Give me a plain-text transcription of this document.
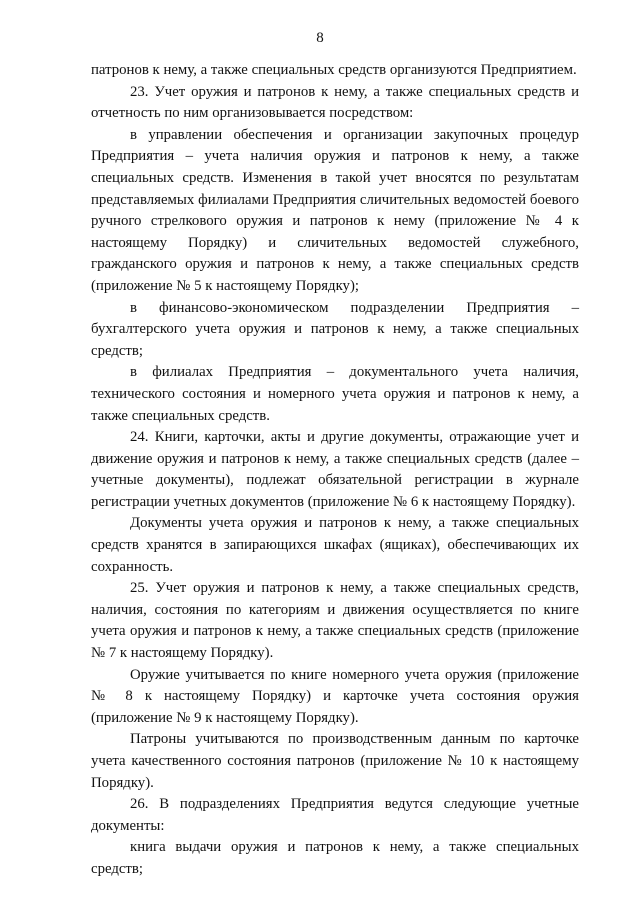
8

патронов к нему, а также специальных средств организуются Предприятием.

23. Учет оружия и патронов к нему, а также специальных средств и отчетность по ним организовывается посредством:

в управлении обеспечения и организации закупочных процедур Предприятия – учета наличия оружия и патронов к нему, а также специальных средств. Изменения в такой учет вносятся по результатам представляемых филиалами Предприятия сличительных ведомостей боевого ручного стрелкового оружия и патронов к нему (приложение № 4 к настоящему Порядку) и сличительных ведомостей служебного, гражданского оружия и патронов к нему, а также специальных средств (приложение № 5 к настоящему Порядку);

в финансово-экономическом подразделении Предприятия – бухгалтерского учета оружия и патронов к нему, а также специальных средств;

в филиалах Предприятия – документального учета наличия, технического состояния и номерного учета оружия и патронов к нему, а также специальных средств.

24. Книги, карточки, акты и другие документы, отражающие учет и движение оружия и патронов к нему, а также специальных средств (далее – учетные документы), подлежат обязательной регистрации в журнале регистрации учетных документов (приложение № 6 к настоящему Порядку).

Документы учета оружия и патронов к нему, а также специальных средств хранятся в запирающихся шкафах (ящиках), обеспечивающих их сохранность.

25. Учет оружия и патронов к нему, а также специальных средств, наличия, состояния по категориям и движения осуществляется по книге учета оружия и патронов к нему, а также специальных средств (приложение № 7 к настоящему Порядку).

Оружие учитывается по книге номерного учета оружия (приложение № 8 к настоящему Порядку) и карточке учета состояния оружия (приложение № 9 к настоящему Порядку).

Патроны учитываются по производственным данным по карточке учета качественного состояния патронов (приложение № 10 к настоящему Порядку).

26. В подразделениях Предприятия ведутся следующие учетные документы:

книга выдачи оружия и патронов к нему, а также специальных средств;
